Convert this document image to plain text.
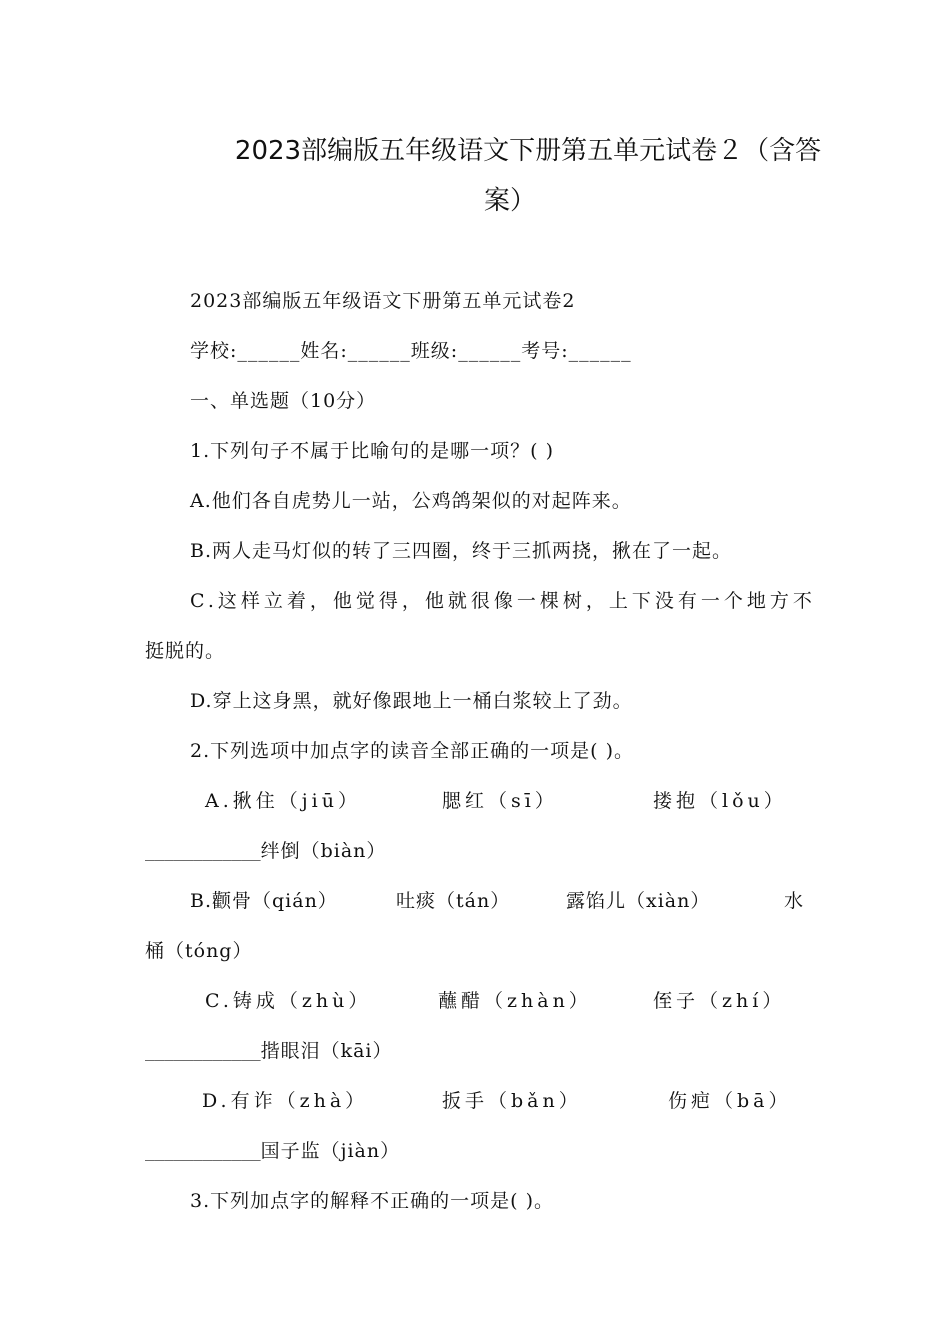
2023部编版五年级语文下册第五单元试卷２（含答
案）
2023部编版五年级语文下册第五单元试卷2
学校:______姓名:______班级:______考号:______
一、单选题（10分）
1.下列句子不属于比喻句的是哪一项？( )
A.他们各自虎势儿一站，公鸡鸽架似的对起阵来。
B.两人走马灯似的转了三四圈，终于三抓两挠，揪在了一起。
C.这样立着，他觉得，他就很像一棵树，上下没有一个地方不
挺脱的。
D.穿上这身黑，就好像跟地上一桶白浆较上了劲。
2.下列选项中加点字的读音全部正确的一项是( )。
A.揪住（jiū）	腮红（sī）	搂抱（lǒu）
____________绊倒（biàn）
B.颧骨（qián）	吐痰（tán）	露馅儿（xiàn）	水
桶（tóng）
C.铸成（zhù）	蘸醋（zhàn）	侄子（zhí）
____________揩眼泪（kāi）
D.有诈（zhà）	扳手（bǎn）	伤疤（bā）
____________国子监（jiàn）
3.下列加点字的解释不正确的一项是( )。
